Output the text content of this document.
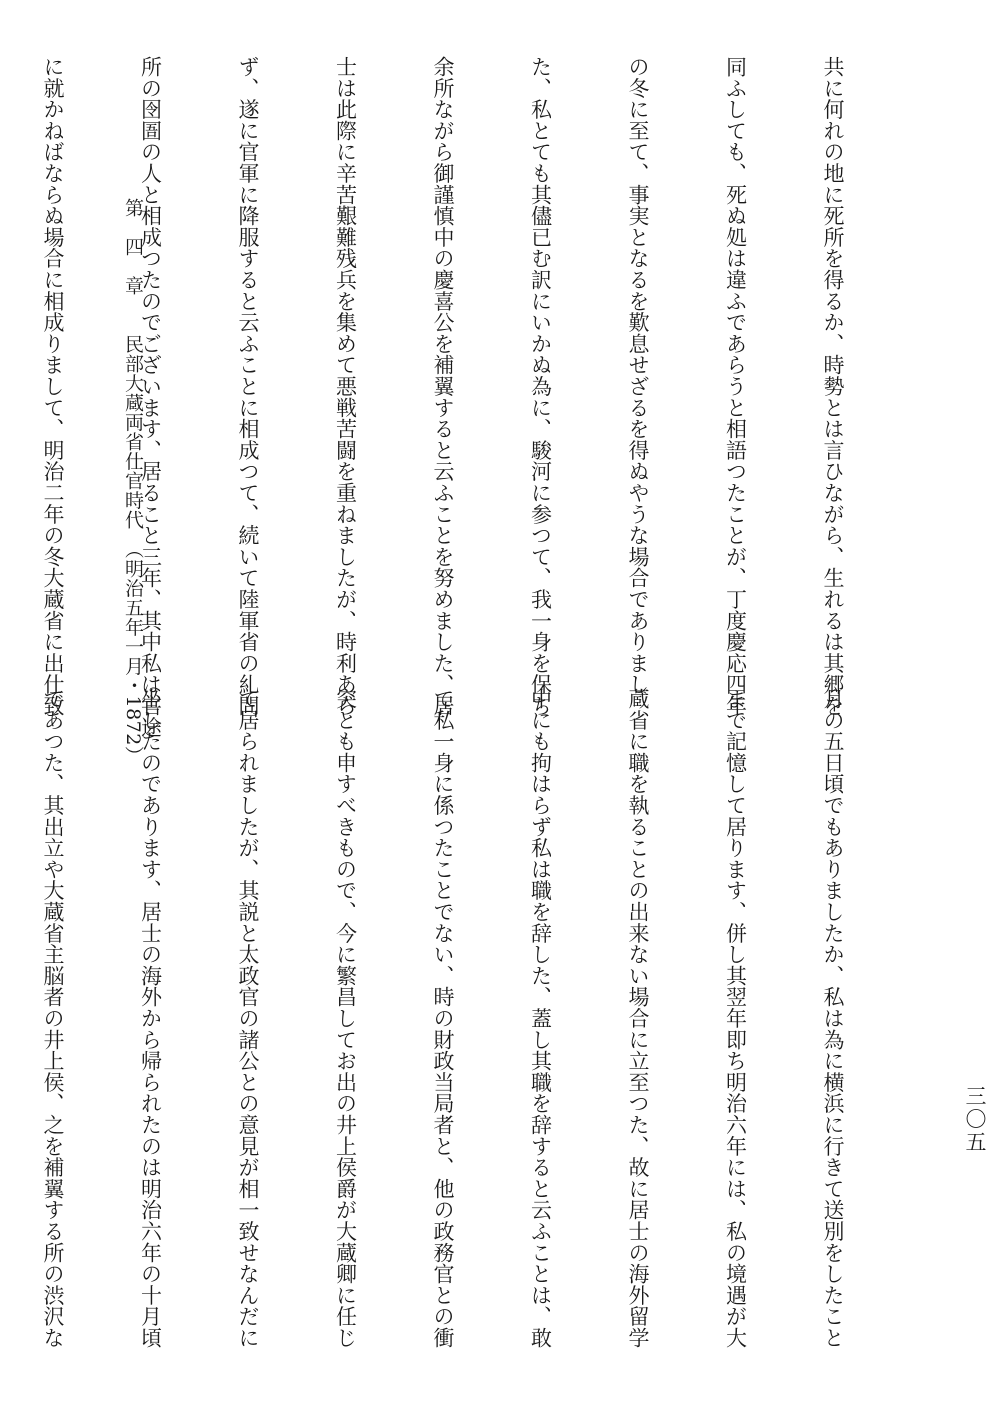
共に何れの地に死所を得るか、時勢とは言ひながら、生れるは其郷を

同ふしても、死ぬ処は違ふであらうと相語つたことが、丁度慶応四年

の冬に至て、事実となるを歎息せざるを得ぬやうな場合でありまし

た、私とても其儘已む訳にいかぬ為に、駿河に参つて、我一身を保ち

余所ながら御謹慎中の慶喜公を補翼すると云ふことを努めました、居

士は此際に辛苦艱難残兵を集めて悪戦苦闘を重ねましたが、時利あら

ず、遂に官軍に降服すると云ふことに相成つて、続いて陸軍省の糺問

所の囹圄の人と相成つたのでございます、居ること三年、其中私は官途

に就かねばならぬ場合に相成りまして、明治二年の冬大蔵省に出仕致

月の五日頃でもありましたか、私は為に横浜に行きて送別をしたこと

まで記憶して居ります、併し其翌年即ち明治六年には、私の境遇が大

蔵省に職を執ることの出来ない場合に立至つた、故に居士の海外留学

中にも拘はらず私は職を辞した、蓋し其職を辞すると云ふことは、敢

て私一身に係つたことでない、時の財政当局者と、他の政務官との衝

突とも申すべきもので、今に繁昌してお出の井上侯爵が大蔵卿に任じ

て居られましたが、其説と太政官の諸公との意見が相一致せなんだに

坐したのであります、居士の海外から帰られたのは明治六年の十月頃

であつた、其出立や大蔵省主脳者の井上侯、之を補翼する所の渋沢な

第　四　章　　民部大蔵両省仕官時代　（明治五年一月・1872）

三〇五
